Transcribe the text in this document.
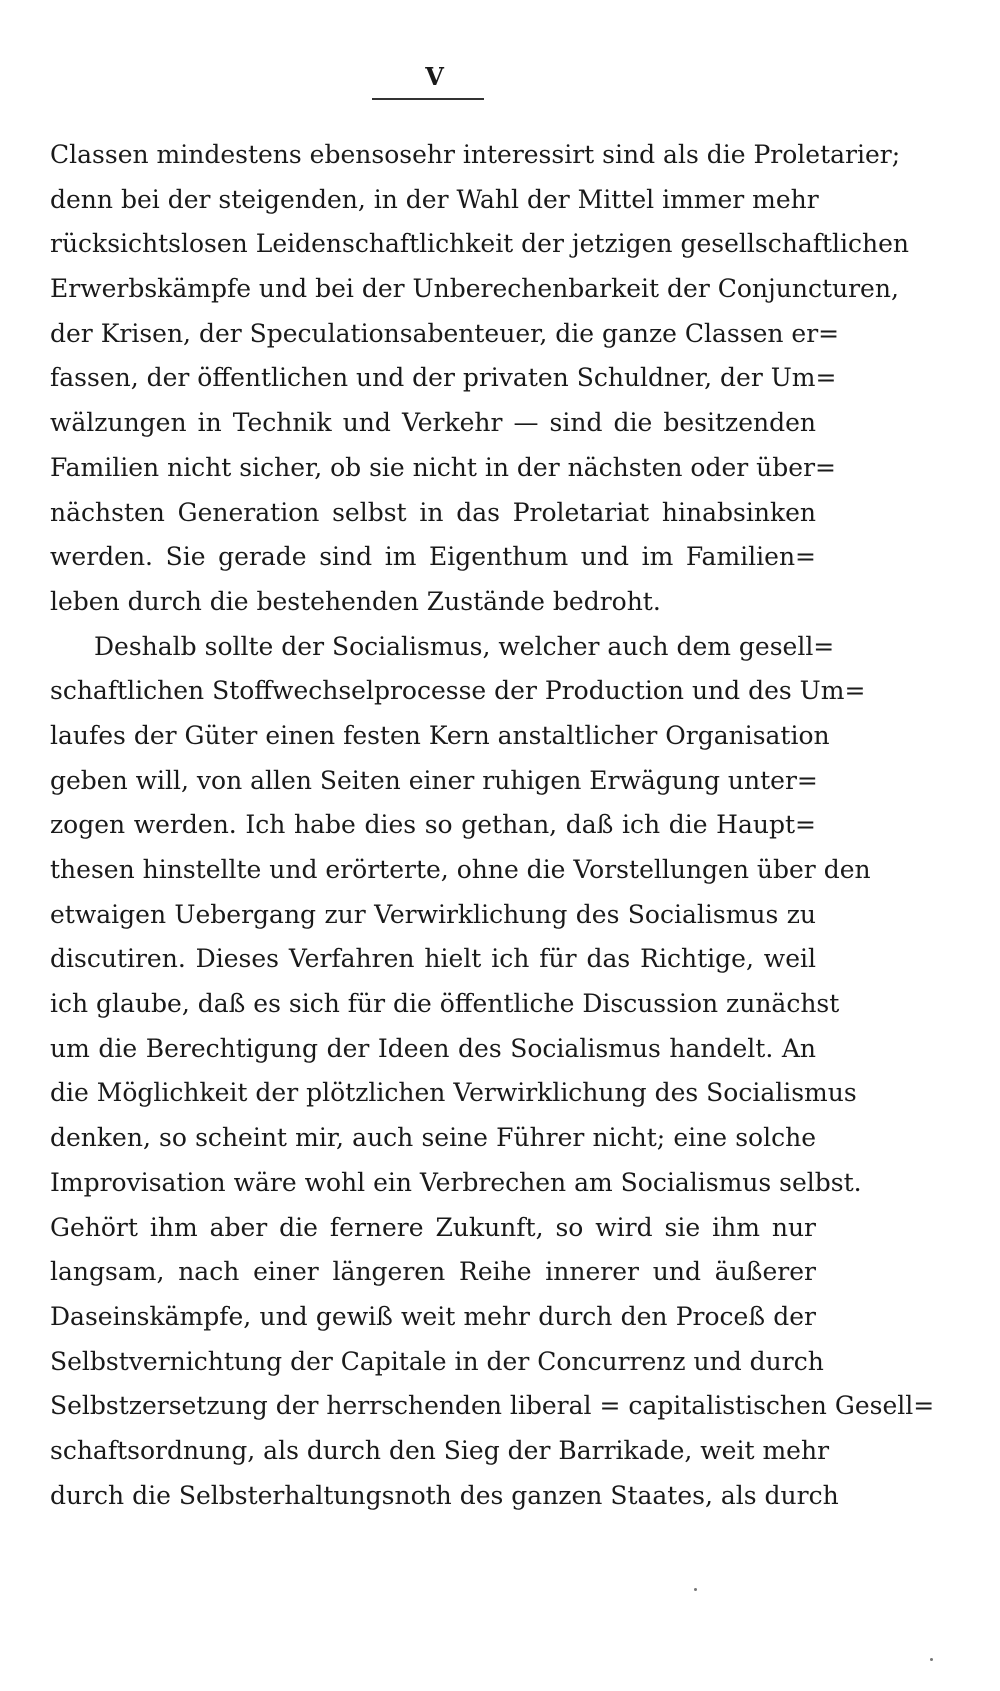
V
Classen mindestens ebensosehr interessirt sind als die Proletarier;
denn bei der steigenden, in der Wahl der Mittel immer mehr
rücksichtslosen Leidenschaftlichkeit der jetzigen gesellschaftlichen
Erwerbskämpfe und bei der Unberechenbarkeit der Conjuncturen,
der Krisen, der Speculationsabenteuer, die ganze Classen er=
fassen, der öffentlichen und der privaten Schuldner, der Um=
wälzungen in Technik und Verkehr — sind die besitzenden
Familien nicht sicher, ob sie nicht in der nächsten oder über=
nächsten Generation selbst in das Proletariat hinabsinken
werden. Sie gerade sind im Eigenthum und im Familien=
leben durch die bestehenden Zustände bedroht.
Deshalb sollte der Socialismus, welcher auch dem gesell=
schaftlichen Stoffwechselprocesse der Production und des Um=
laufes der Güter einen festen Kern anstaltlicher Organisation
geben will, von allen Seiten einer ruhigen Erwägung unter=
zogen werden. Ich habe dies so gethan, daß ich die Haupt=
thesen hinstellte und erörterte, ohne die Vorstellungen über den
etwaigen Uebergang zur Verwirklichung des Socialismus zu
discutiren. Dieses Verfahren hielt ich für das Richtige, weil
ich glaube, daß es sich für die öffentliche Discussion zunächst
um die Berechtigung der Ideen des Socialismus handelt. An
die Möglichkeit der plötzlichen Verwirklichung des Socialismus
denken, so scheint mir, auch seine Führer nicht; eine solche
Improvisation wäre wohl ein Verbrechen am Socialismus selbst.
Gehört ihm aber die fernere Zukunft, so wird sie ihm nur
langsam, nach einer längeren Reihe innerer und äußerer
Daseinskämpfe, und gewiß weit mehr durch den Proceß der
Selbstvernichtung der Capitale in der Concurrenz und durch
Selbstzersetzung der herrschenden liberal = capitalistischen Gesell=
schaftsordnung, als durch den Sieg der Barrikade, weit mehr
durch die Selbsterhaltungsnoth des ganzen Staates, als durch
